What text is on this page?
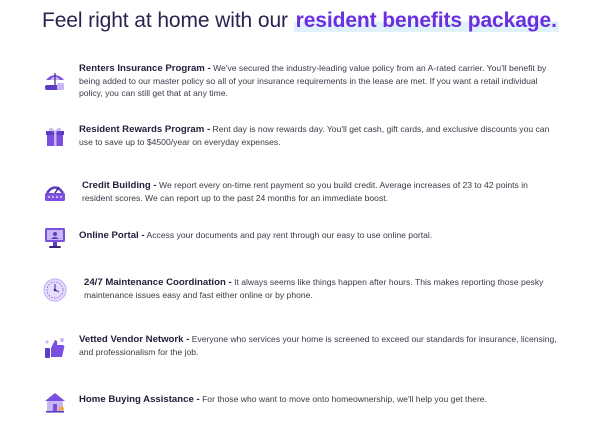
Feel right at home with our resident benefits package.

Renters Insurance Program - We've secured the industry-leading value policy from an A-rated carrier. You'll benefit by being added to our master policy so all of your insurance requirements in the lease are met. If you want a retail individual policy, you can still get that at any time.

Resident Rewards Program - Rent day is now rewards day. You'll get cash, gift cards, and exclusive discounts you can use to save up to $4500/year on everyday expenses.

Credit Building - We report every on-time rent payment so you build credit. Average increases of 23 to 42 points in resident scores. We can report up to the past 24 months for an immediate boost.

Online Portal - Access your documents and pay rent through our easy to use online portal.

24/7 Maintenance Coordination - It always seems like things happen after hours. This makes reporting those pesky maintenance issues easy and fast either online or by phone.

Vetted Vendor Network - Everyone who services your home is screened to exceed our standards for insurance, licensing, and professionalism for the job.

Home Buying Assistance - For those who want to move onto homeownership, we'll help you get there.
